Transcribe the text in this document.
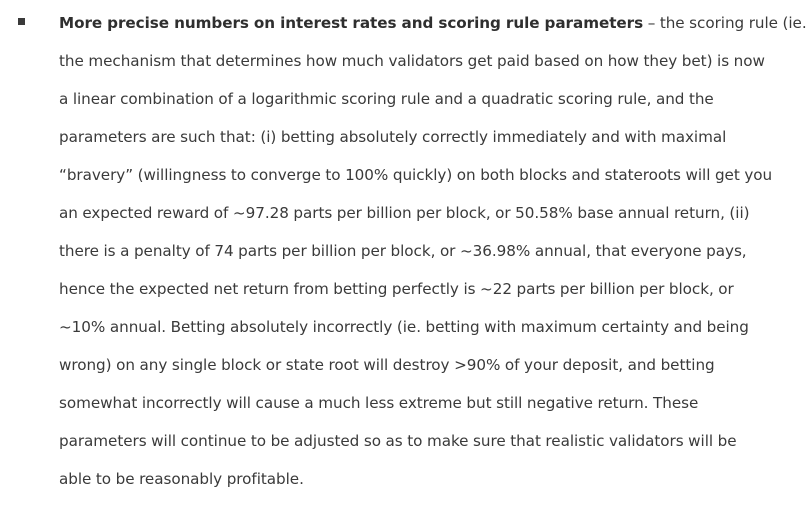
More precise numbers on interest rates and scoring rule parameters – the scoring rule (ie.
the mechanism that determines how much validators get paid based on how they bet) is now
a linear combination of a logarithmic scoring rule and a quadratic scoring rule, and the
parameters are such that: (i) betting absolutely correctly immediately and with maximal
“bravery” (willingness to converge to 100% quickly) on both blocks and stateroots will get you
an expected reward of ~97.28 parts per billion per block, or 50.58% base annual return, (ii)
there is a penalty of 74 parts per billion per block, or ~36.98% annual, that everyone pays,
hence the expected net return from betting perfectly is ~22 parts per billion per block, or
~10% annual. Betting absolutely incorrectly (ie. betting with maximum certainty and being
wrong) on any single block or state root will destroy >90% of your deposit, and betting
somewhat incorrectly will cause a much less extreme but still negative return. These
parameters will continue to be adjusted so as to make sure that realistic validators will be
able to be reasonably profitable.
